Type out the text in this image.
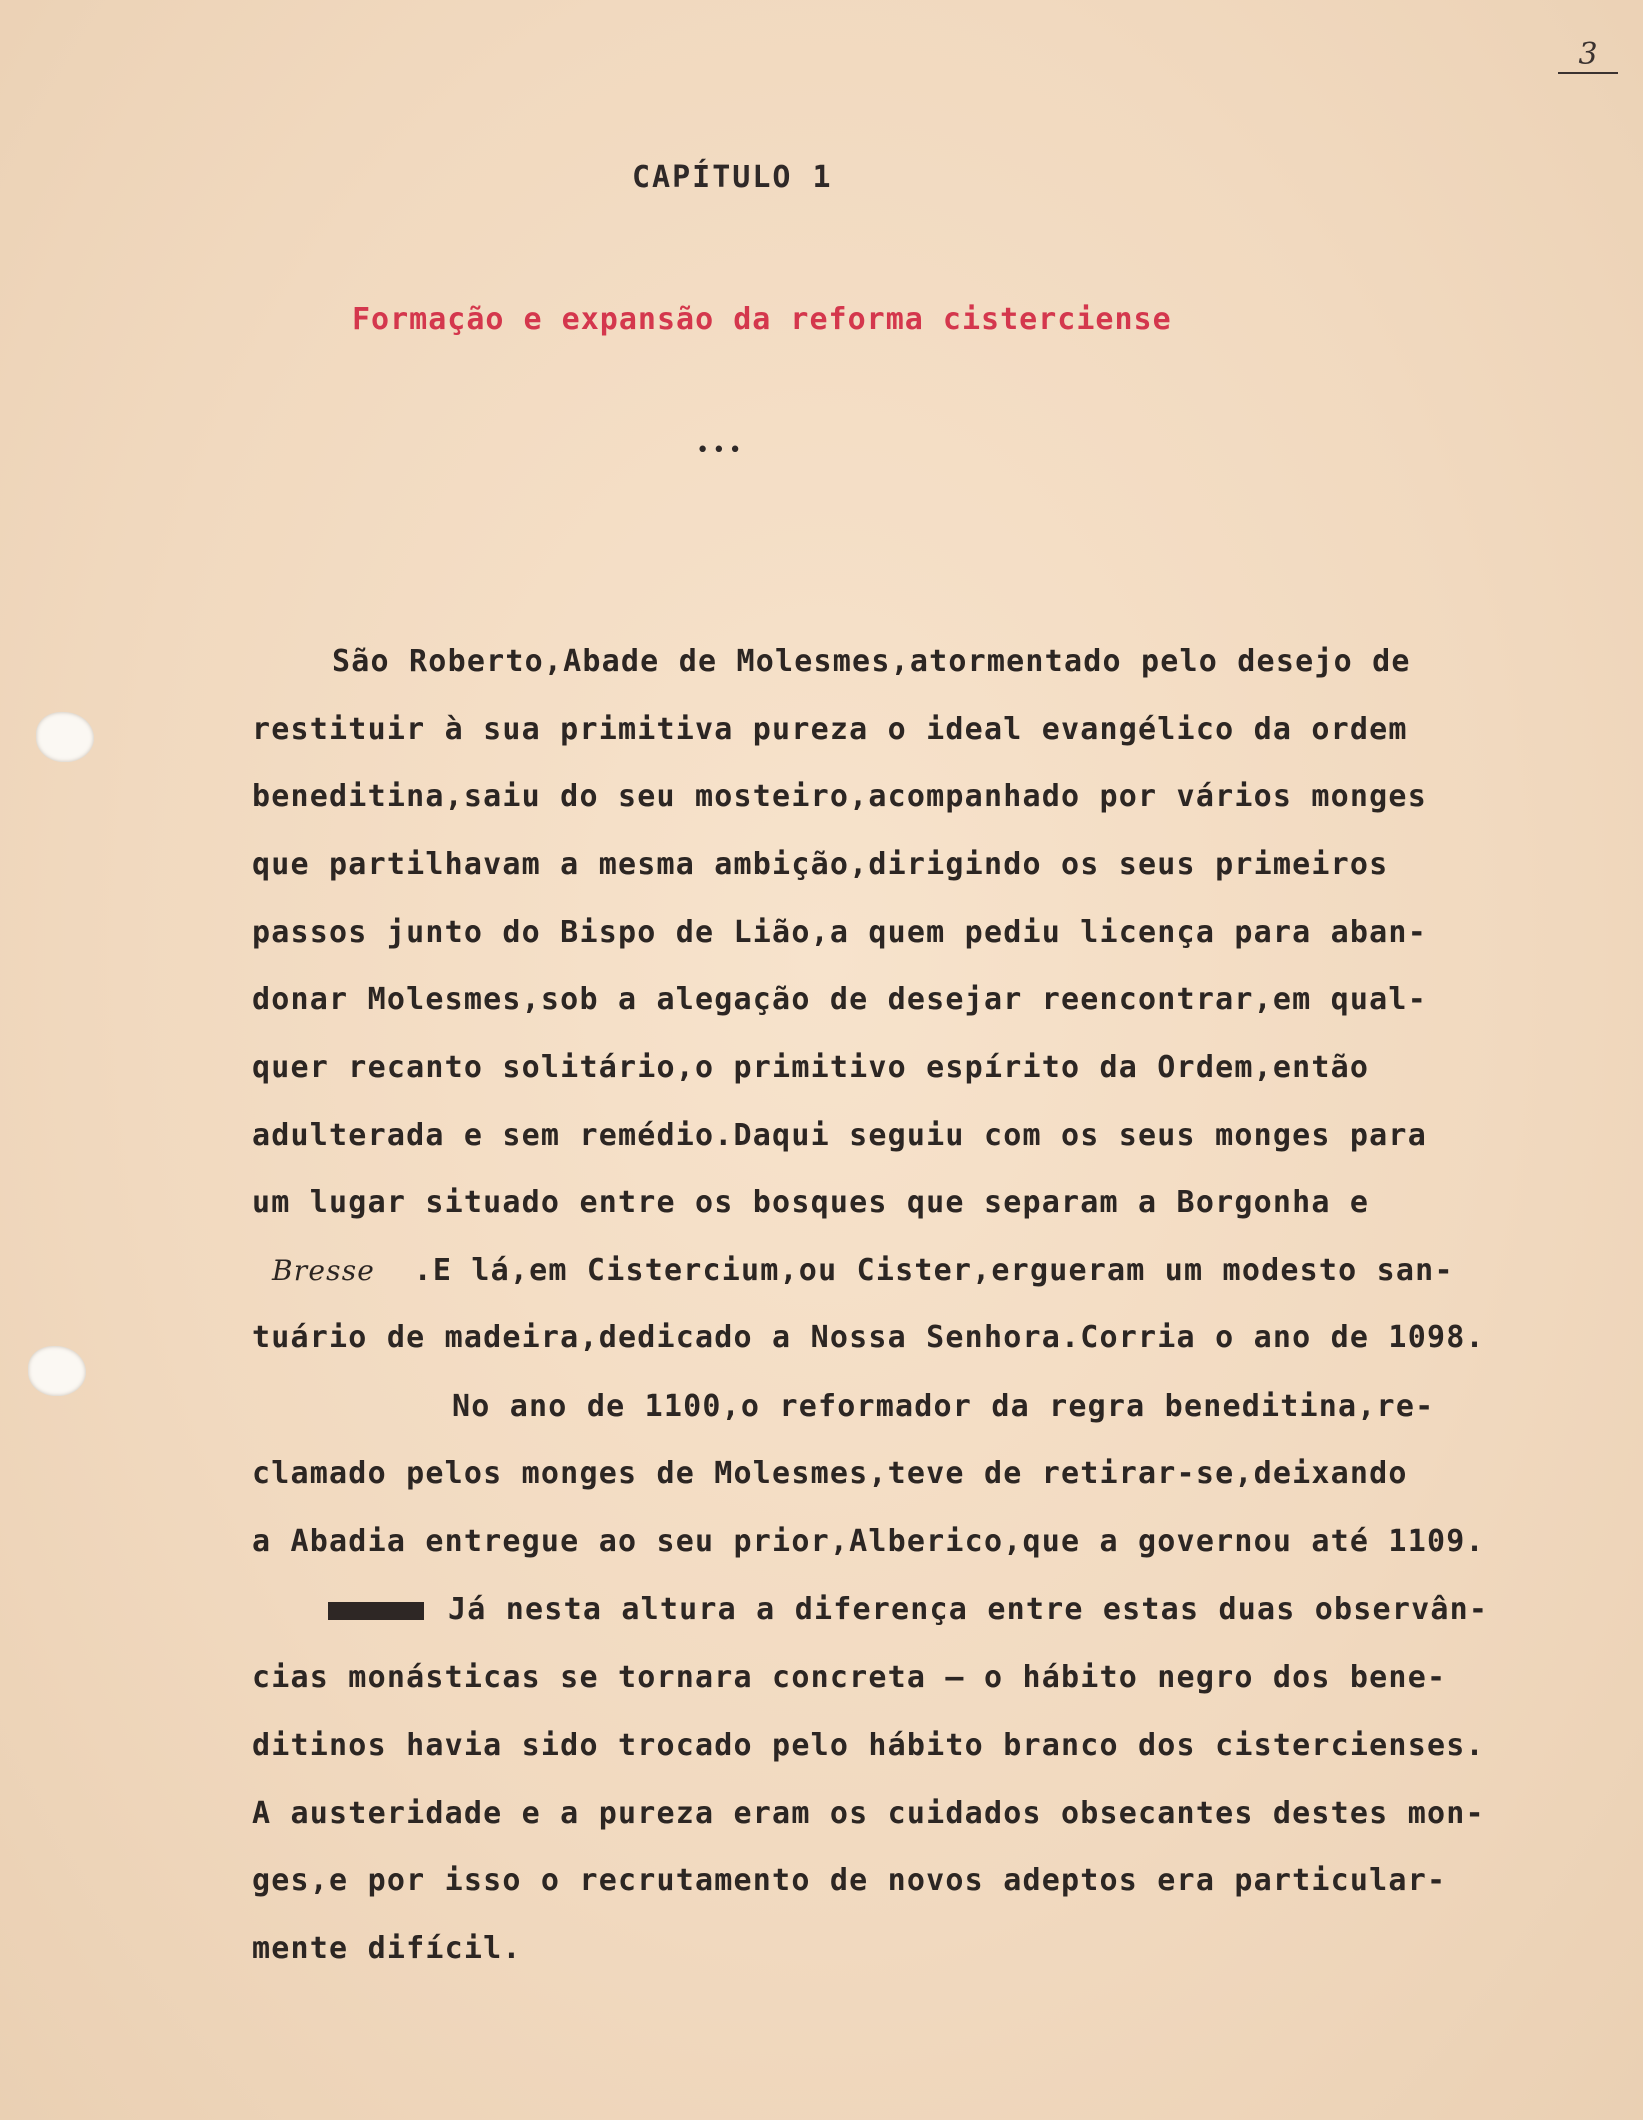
3
CAPÍTULO 1
Formação e expansão da reforma cisterciense
•••
São Roberto,Abade de Molesmes,atormentado pelo desejo de
restituir à sua primitiva pureza o ideal evangélico da ordem
beneditina,saiu do seu mosteiro,acompanhado por vários monges
que partilhavam a mesma ambição,dirigindo os seus primeiros
passos junto do Bispo de Lião,a quem pediu licença para aban-
donar Molesmes,sob a alegação de desejar reencontrar,em qual-
quer recanto solitário,o primitivo espírito da Ordem,então
adulterada e sem remédio.Daqui seguiu com os seus monges para
um lugar situado entre os bosques que separam a Borgonha e
Bresse .E lá,em Cistercium,ou Cister,ergueram um modesto san-
tuário de madeira,dedicado a Nossa Senhora.Corria o ano de 1098.
No ano de 1100,o reformador da regra beneditina,re-
clamado pelos monges de Molesmes,teve de retirar-se,deixando
a Abadia entregue ao seu prior,Alberico,que a governou até 1109.
Já nesta altura a diferença entre estas duas observân-
cias monásticas se tornara concreta — o hábito negro dos bene-
ditinos havia sido trocado pelo hábito branco dos cistercienses.
A austeridade e a pureza eram os cuidados obsecantes destes mon-
ges,e por isso o recrutamento de novos adeptos era particular-
mente difícil.
